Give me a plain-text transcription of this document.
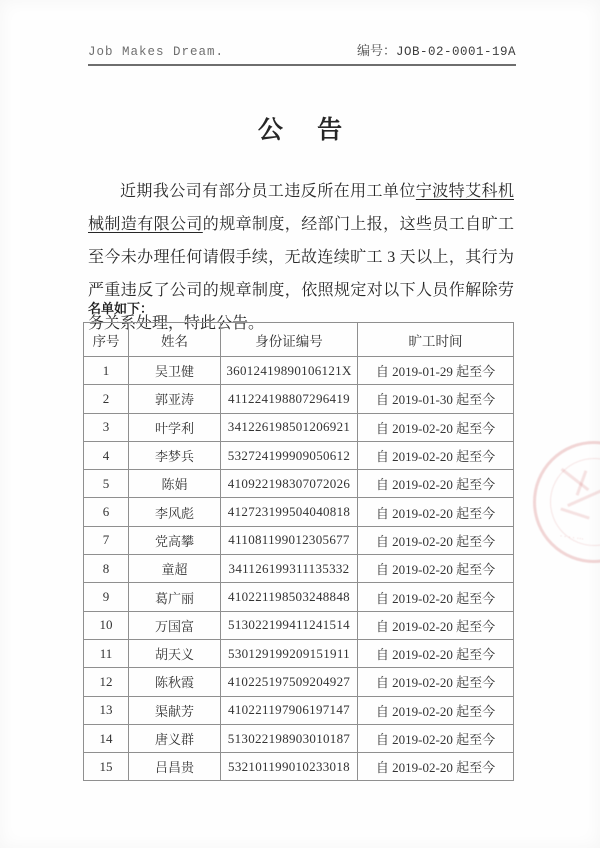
Job Makes Dream.	编号：JOB-02-0001-19A
公 告

近期我公司有部分员工违反所在用工单位宁波特艾科机械制造有限公司的规章制度，经部门上报，这些员工自旷工至今未办理任何请假手续，无故连续旷工 3 天以上，其行为严重违反了公司的规章制度，依照规定对以下人员作解除劳务关系处理，特此公告。

名单如下：
序号	姓名	身份证编号	旷工时间
1	吴卫健	36012419890106121X	自 2019-01-29 起至今
2	郭亚涛	411224198807296419	自 2019-01-30 起至今
3	叶学利	341226198501206921	自 2019-02-20 起至今
4	李梦兵	532724199909050612	自 2019-02-20 起至今
5	陈娟	410922198307072026	自 2019-02-20 起至今
6	李风彪	412723199504040818	自 2019-02-20 起至今
7	党高攀	411081199012305677	自 2019-02-20 起至今
8	童超	341126199311135332	自 2019-02-20 起至今
9	葛广丽	410221198503248848	自 2019-02-20 起至今
10	万国富	513022199411241514	自 2019-02-20 起至今
11	胡天义	530129199209151911	自 2019-02-20 起至今
12	陈秋霞	410225197509204927	自 2019-02-20 起至今
13	渠献芳	410221197906197147	自 2019-02-20 起至今
14	唐义群	513022198903010187	自 2019-02-20 起至今
15	吕昌贵	532101199010233018	自 2019-02-20 起至今
....…
